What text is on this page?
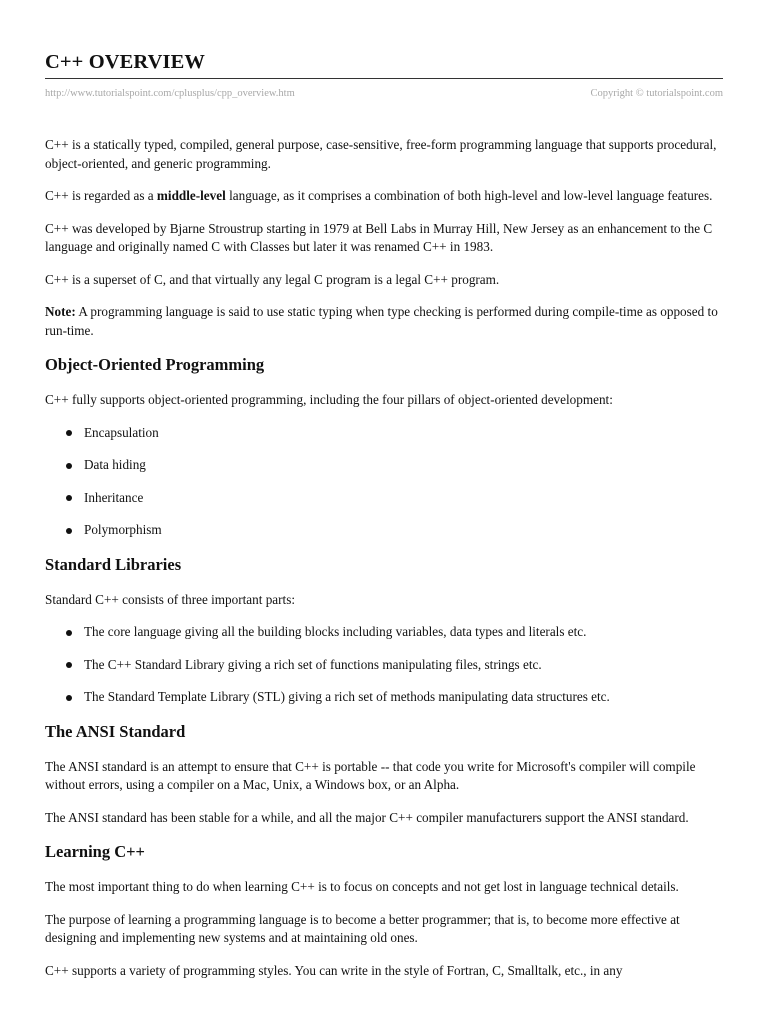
C++ OVERVIEW
http://www.tutorialspoint.com/cplusplus/cpp_overview.htm	Copyright © tutorialspoint.com

C++ is a statically typed, compiled, general purpose, case-sensitive, free-form programming language that supports procedural, object-oriented, and generic programming.

C++ is regarded as a middle-level language, as it comprises a combination of both high-level and low-level language features.

C++ was developed by Bjarne Stroustrup starting in 1979 at Bell Labs in Murray Hill, New Jersey as an enhancement to the C language and originally named C with Classes but later it was renamed C++ in 1983.

C++ is a superset of C, and that virtually any legal C program is a legal C++ program.

Note: A programming language is said to use static typing when type checking is performed during compile-time as opposed to run-time.

Object-Oriented Programming

C++ fully supports object-oriented programming, including the four pillars of object-oriented development:

Encapsulation
Data hiding
Inheritance
Polymorphism
Standard Libraries

Standard C++ consists of three important parts:

The core language giving all the building blocks including variables, data types and literals etc.
The C++ Standard Library giving a rich set of functions manipulating files, strings etc.
The Standard Template Library (STL) giving a rich set of methods manipulating data structures etc.
The ANSI Standard

The ANSI standard is an attempt to ensure that C++ is portable -- that code you write for Microsoft's compiler will compile without errors, using a compiler on a Mac, Unix, a Windows box, or an Alpha.

The ANSI standard has been stable for a while, and all the major C++ compiler manufacturers support the ANSI standard.

Learning C++

The most important thing to do when learning C++ is to focus on concepts and not get lost in language technical details.

The purpose of learning a programming language is to become a better programmer; that is, to become more effective at designing and implementing new systems and at maintaining old ones.

C++ supports a variety of programming styles. You can write in the style of Fortran, C, Smalltalk, etc., in any
